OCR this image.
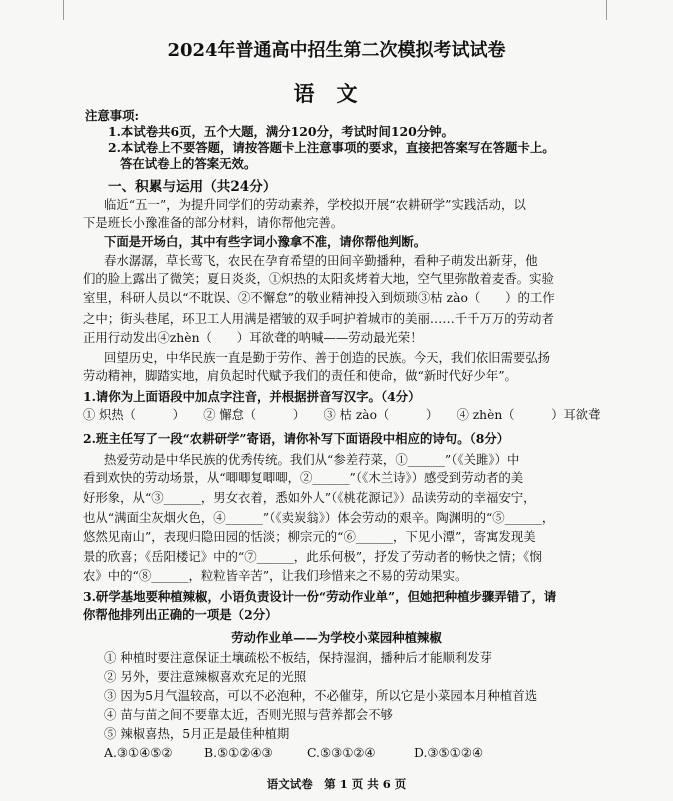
2024年普通高中招生第二次模拟考试试卷
语文
注意事项:
1.本试卷共6页，五个大题，满分120分，考试时间120分钟。
2.本试卷上不要答题，请按答题卡上注意事项的要求，直接把答案写在答题卡上。
答在试卷上的答案无效。
一、积累与运用（共24分）
临近“五一”，为提升同学们的劳动素养，学校拟开展“农耕研学”实践活动，以
下是班长小豫准备的部分材料，请你帮他完善。
下面是开场白，其中有些字词小豫拿不准，请你帮他判断。
春水潺潺，草长莺飞，农民在孕育希望的田间辛勤播种，看种子萌发出新芽，他
们的脸上露出了微笑；夏日炎炎，①炽热的太阳炙烤着大地，空气里弥散着麦香。实验
室里，科研人员以“不耽误、②不懈怠”的敬业精神投入到烦琐③枯 zào（　　）的工作
之中；街头巷尾，环卫工人用满是褶皱的双手呵护着城市的美丽……千千万万的劳动者
正用行动发出④zhèn（　　）耳欲聋的呐喊——劳动最光荣！
回望历史，中华民族一直是勤于劳作、善于创造的民族。今天，我们依旧需要弘扬
劳动精神，脚踏实地，肩负起时代赋予我们的责任和使命，做“新时代好少年”。
1.请你为上面语段中加点字注音，并根据拼音写汉字。（4分）
① 炽热（　　　）　　② 懈怠（　　　）　　③ 枯 zào（　　　）　　④ zhèn（　　　）耳欲聋
2.班主任写了一段“农耕研学”寄语，请你补写下面语段中相应的诗句。（8分）
热爱劳动是中华民族的优秀传统。我们从“参差荇菜，①______”（《关雎》）中
看到欢快的劳动场景，从“唧唧复唧唧，②______”（《木兰诗》）感受到劳动者的美
好形象，从“③______，男女衣着，悉如外人”（《桃花源记》）品读劳动的幸福安宁，
也从“满面尘灰烟火色，④______”（《卖炭翁》）体会劳动的艰辛。陶渊明的“⑤______，
悠然见南山”，表现归隐田园的恬淡；柳宗元的“⑥______，下见小潭”，寄寓发现美
景的欣喜；《岳阳楼记》中的“⑦______，此乐何极”，抒发了劳动者的畅快之情；《悯
农》中的“⑧______，粒粒皆辛苦”，让我们珍惜来之不易的劳动果实。
3.研学基地要种植辣椒，小语负责设计一份“劳动作业单”，但她把种植步骤弄错了，请
你帮他排列出正确的一项是（2分）
劳动作业单——为学校小菜园种植辣椒
① 种植时要注意保证土壤疏松不板结，保持湿润，播种后才能顺利发芽
② 另外，要注意辣椒喜欢充足的光照
③ 因为5月气温较高，可以不必泡种，不必催芽，所以它是小菜园本月种植首选
④ 苗与苗之间不要靠太近，否则光照与营养都会不够
⑤ 辣椒喜热，5月正是最佳种植期
A.③①④⑤②	B.⑤①②④③	C.⑤③①②④	D.③⑤①②④
语文试卷　第 1 页 共 6 页
